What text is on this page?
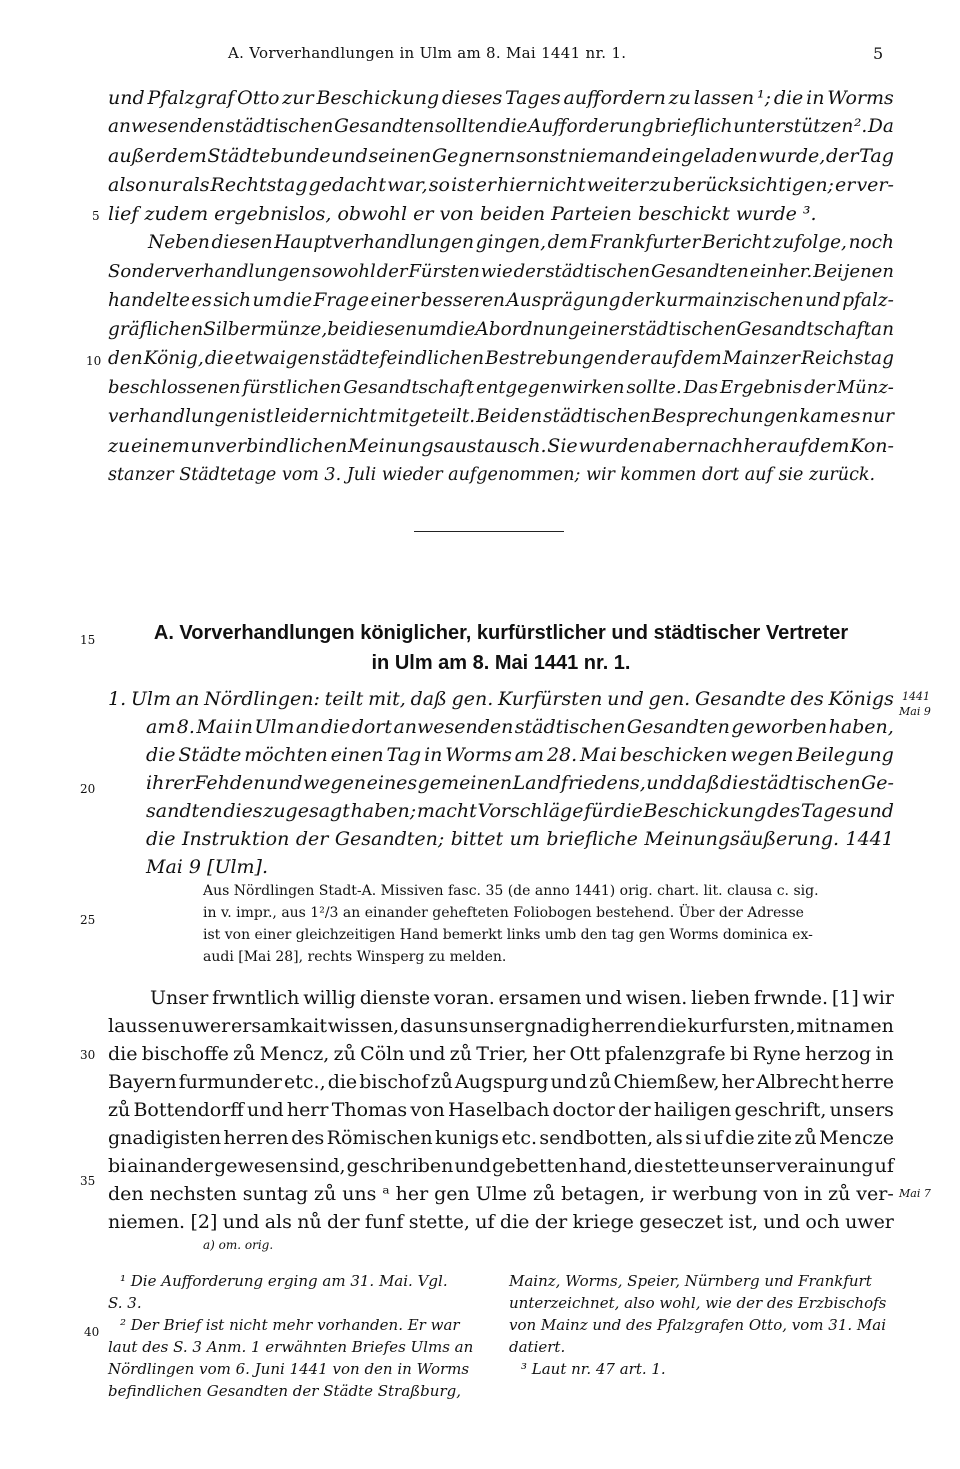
A. Vorverhandlungen in Ulm am 8. Mai 1441 nr. 1.	5
und Pfalzgraf Otto zur Beschickung dieses Tages auffordern zu lassen ¹; die in Worms
anwesenden städtischen Gesandten sollten die Aufforderung brieflich unterstützen ². Da
außer dem Städtebunde und seinen Gegnern sonst niemand eingeladen wurde, der Tag
also nur als Rechtstag gedacht war, so ist er hier nicht weiter zu berücksichtigen; er ver-
lief zudem ergebnislos, obwohl er von beiden Parteien beschickt wurde ³.
Neben diesen Hauptverhandlungen gingen, dem Frankfurter Bericht zufolge, noch
Sonderverhandlungen sowohl der Fürsten wie der städtischen Gesandten einher. Bei jenen
handelte es sich um die Frage einer besseren Ausprägung der kurmainzischen und pfalz-
gräflichen Silbermünze, bei diesen um die Abordnung einer städtischen Gesandtschaft an
den König, die etwaigen städtefeindlichen Bestrebungen der auf dem Mainzer Reichstag
beschlossenen fürstlichen Gesandtschaft entgegenwirken sollte. Das Ergebnis der Münz-
verhandlungen ist leider nicht mitgeteilt. Bei den städtischen Besprechungen kam es nur
zu einem unverbindlichen Meinungsaustausch. Sie wurden aber nachher auf dem Kon-
stanzer Städtetage vom 3. Juli wieder aufgenommen; wir kommen dort auf sie zurück.
5
10
15
20
25
30
35
40
A. Vorverhandlungen königlicher, kurfürstlicher und städtischer Vertreter
in Ulm am 8. Mai 1441 nr. 1.
1. Ulm an Nördlingen: teilt mit, daß gen. Kurfürsten und gen. Gesandte des Königs
am 8. Mai in Ulm an die dort anwesenden städtischen Gesandten geworben haben,
die Städte möchten einen Tag in Worms am 28. Mai beschicken wegen Beilegung
ihrer Fehden und wegen eines gemeinen Landfriedens, und daß die städtischen Ge-
sandten dies zugesagt haben; macht Vorschläge für die Beschickung des Tages und
die Instruktion der Gesandten; bittet um briefliche Meinungsäußerung. 1441
Mai 9 [Ulm].
1441
Mai 9
Aus Nördlingen Stadt-A. Missiven fasc. 35 (de anno 1441) orig. chart. lit. clausa c. sig.
in v. impr., aus 1²/3 an einander gehefteten Foliobogen bestehend. Über der Adresse
ist von einer gleichzeitigen Hand bemerkt links umb den tag gen Worms dominica ex-
audi [Mai 28], rechts Winsperg zu melden.
Unser frwntlich willig dienste voran. ersamen und wisen. lieben frwnde. [1] wir
laussen uwer ersamkait wissen, das uns unser gnadig herren die kurfursten, mit namen
die bischoffe zů Mencz, zů Cöln und zů Trier, her Ott pfalenzgrafe bi Ryne herzog in
Bayern furmunder etc., die bischof zů Augspurg und zů Chiemßew, her Albrecht herre
zů Bottendorff und herr Thomas von Haselbach doctor der hailigen geschrift, unsers
gnadigisten herren des Römischen kunigs etc. sendbotten, als si uf die zite zů Mencze
bi ainander gewesen sind, geschriben und gebetten hand, die stette unser verainung uf
den nechsten suntag zů uns ᵃ her gen Ulme zů betagen, ir werbung von in zů ver-
niemen. [2] und als nů der funf stette, uf die der kriege geseczet ist, und och uwer
Mai 7
a) om. orig.
¹ Die Aufforderung erging am 31. Mai. Vgl.
S. 3.
² Der Brief ist nicht mehr vorhanden. Er war
laut des S. 3 Anm. 1 erwähnten Briefes Ulms an
Nördlingen vom 6. Juni 1441 von den in Worms
befindlichen Gesandten der Städte Straßburg,
Mainz, Worms, Speier, Nürnberg und Frankfurt
unterzeichnet, also wohl, wie der des Erzbischofs
von Mainz und des Pfalzgrafen Otto, vom 31. Mai
datiert.
³ Laut nr. 47 art. 1.
